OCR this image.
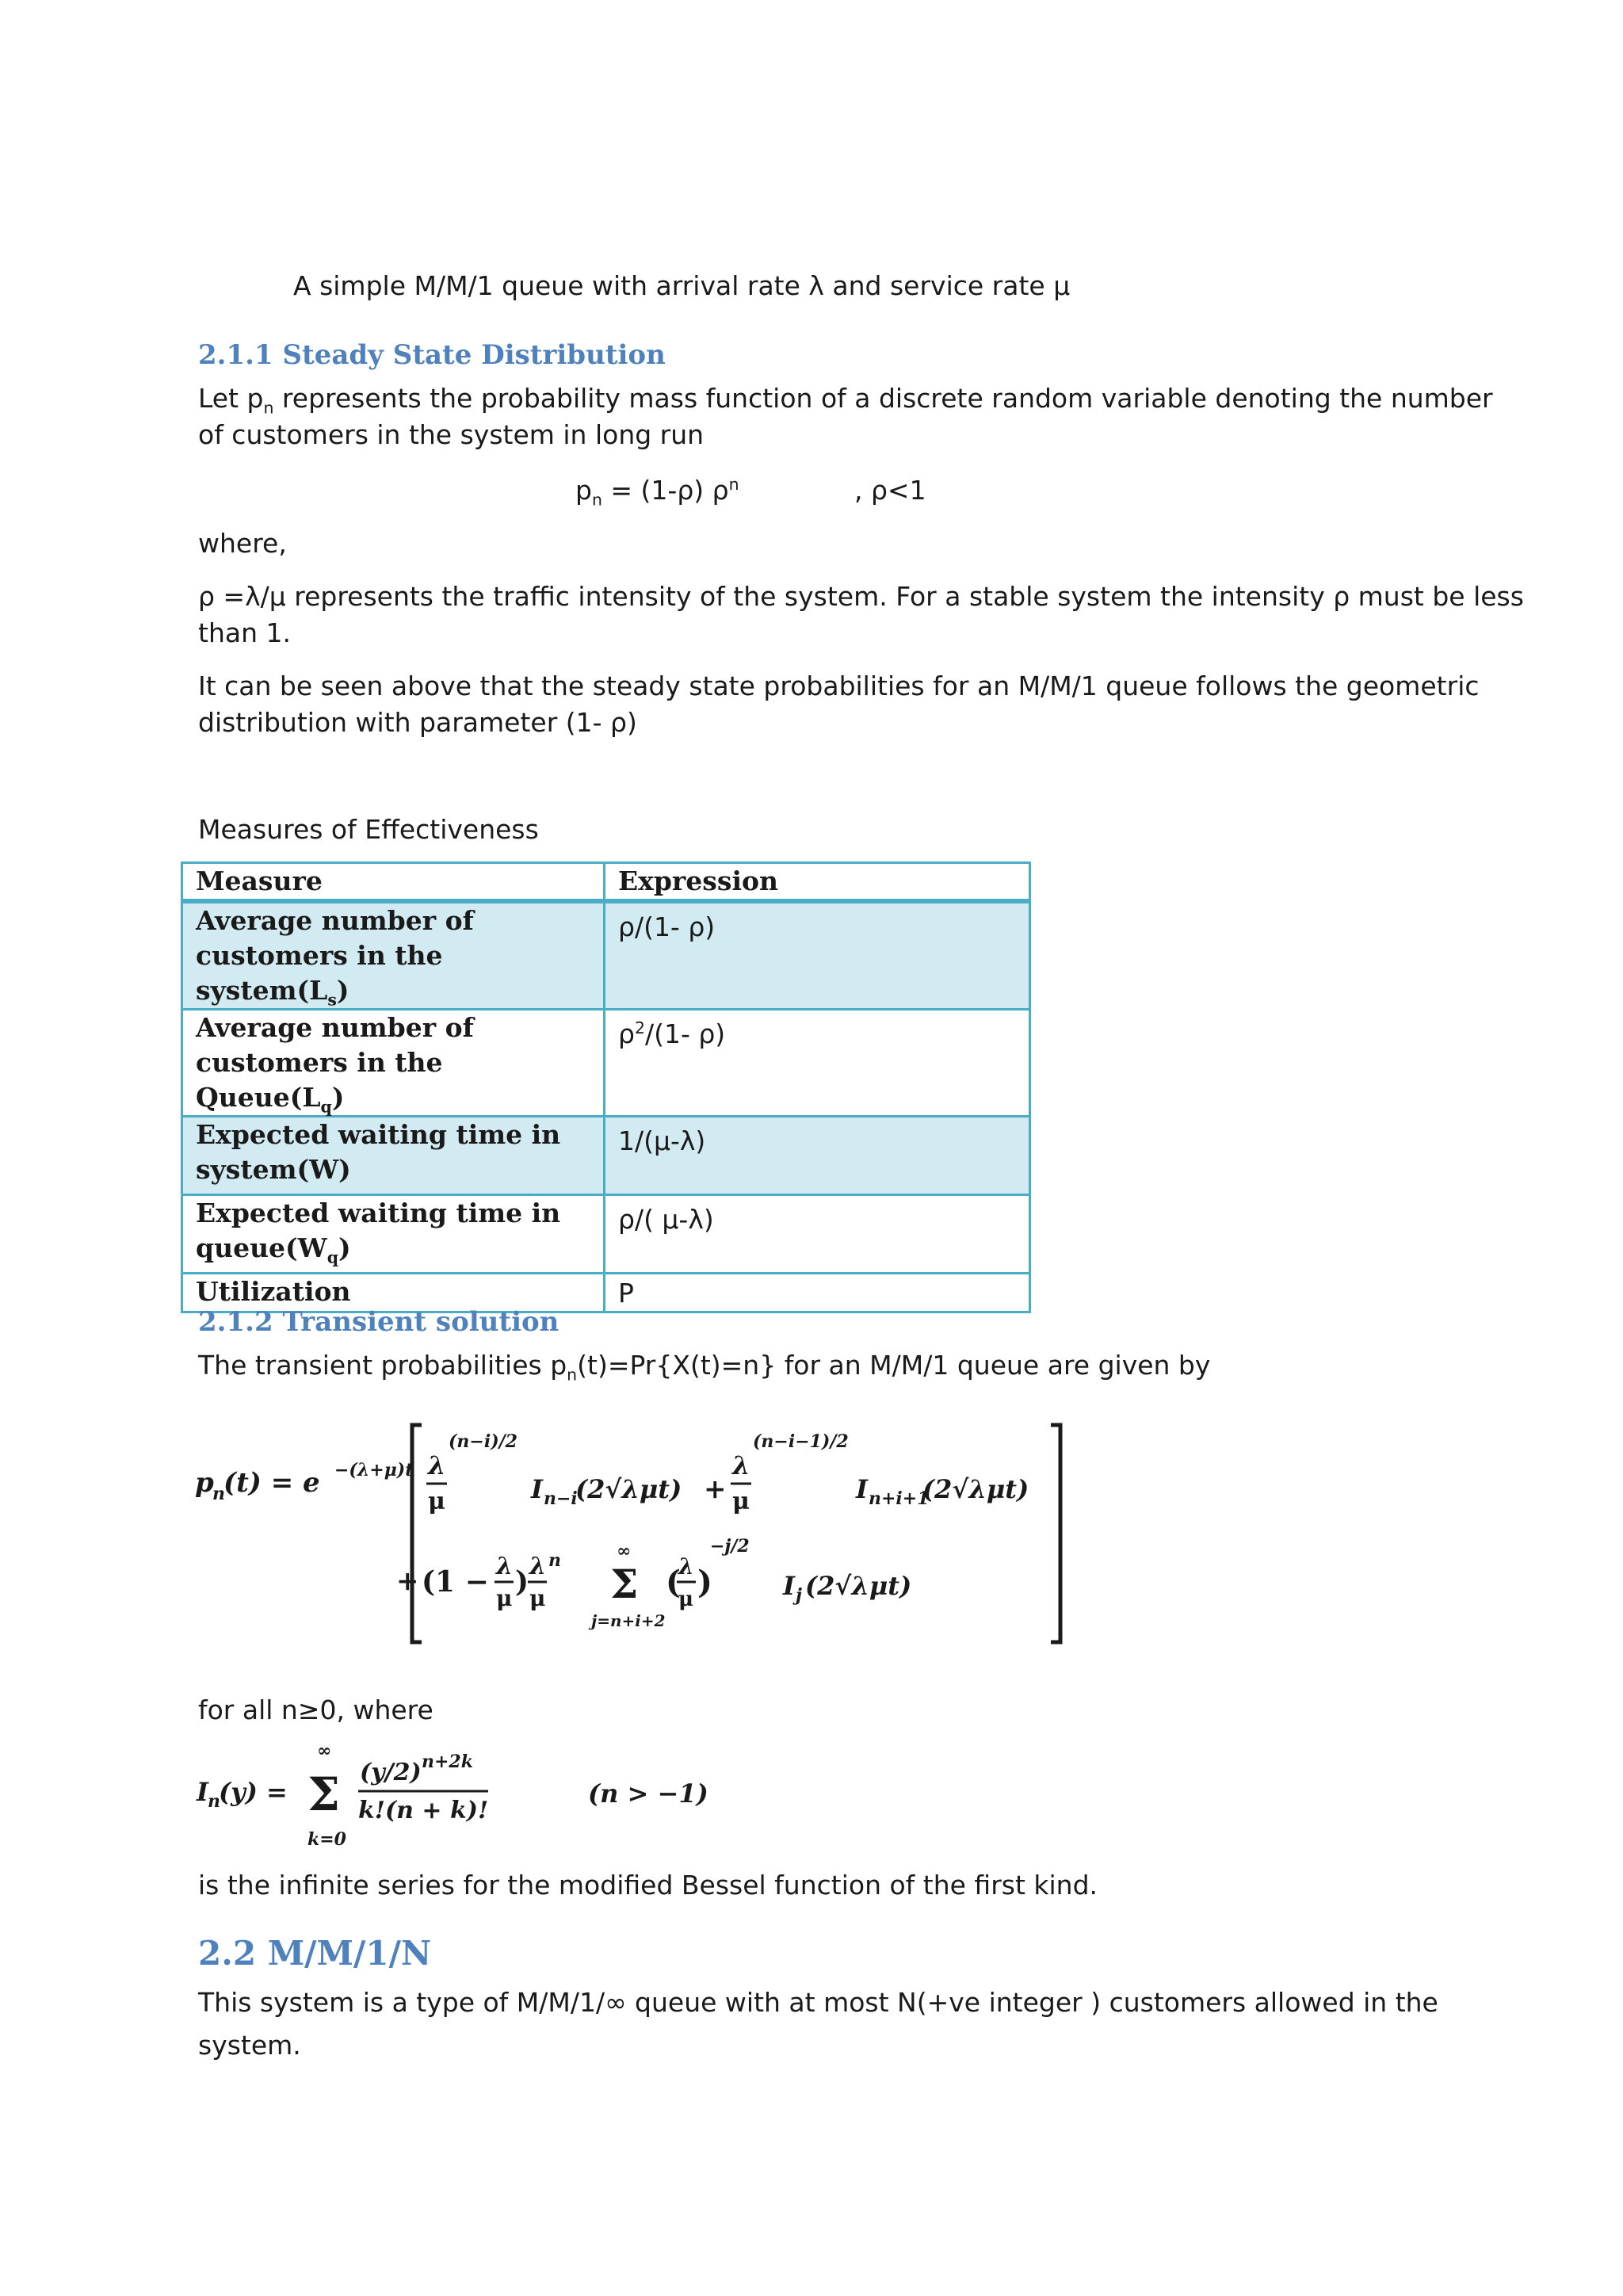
A simple M/M/1 queue with arrival rate λ and service rate μ
2.1.1 Steady State Distribution
Let $p_n$ represents the probability mass function of a discrete random variable denoting the number
of customers in the system in long run
$p_n = (1-\rho)$ $\rho^n$	, ρ<1
where,
ρ =λ/μ represents the traffic intensity of the system. For a stable system the intensity ρ must be less
than 1.
It can be seen above that the steady state probabilities for an M/M/1 queue follows the geometric
distribution with parameter (1- ρ)
Measures of Effectiveness
Measure	Expression
Average number of
customers in the $system(L_s)$	ρ/(1- ρ)
Average number of
customers in the $Queue(L_q)$	$\rho^2/(1-$ ρ)
Expected waiting time in
system(W)	1/(μ-λ)
Expected waiting time in
$queue(W_q)$	ρ/( μ-λ)
Utilization	P
2.1.2 Transient solution
The transient probabilities $p_n(t)=Pr\{X(t)=n\}$ for an M/M/1 queue are given by
p
n
(t) = e −(λ+μ)t λ
μ
(n−i)/2
I n−i
(2√λμt) +
λ
μ
(n−i−1)/2
I n+i+1
(2√λμt)
+ (1 − λ
μ ) λ
μ
n	∞
Σ
j=n+i+2
(
λ
μ )
−j/2
I j (2√λμt)
for all n≥0, where
I n
(y) =
∞
Σ
k=0
(y/2) n+2k
k!(n + k)!
(n > −1)
is the infinite series for the modified Bessel function of the first kind.
2.2 M/M/1/N
This system is a type of M/M/1/∞ queue with at most N(+ve integer ) customers allowed in the
system.
